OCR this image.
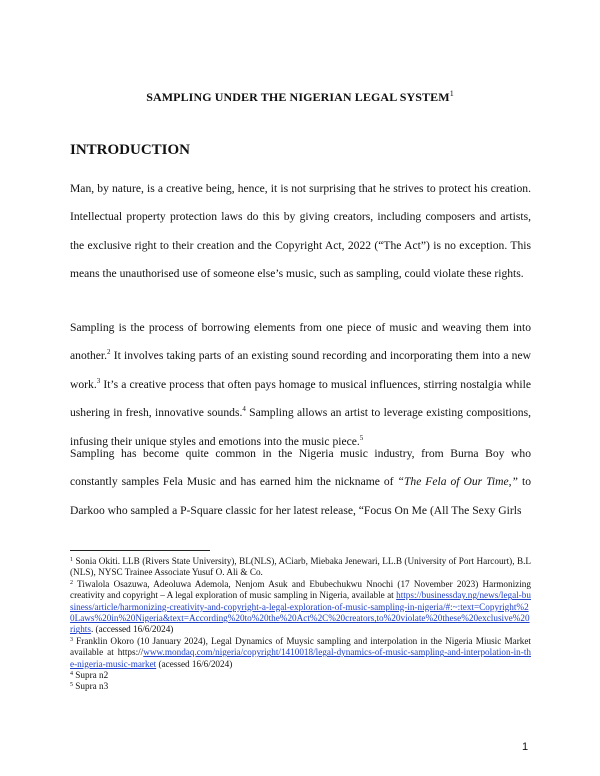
SAMPLING UNDER THE NIGERIAN LEGAL SYSTEM$^1$
INTRODUCTION

Man, by nature, is a creative being, hence, it is not surprising that he strives to protect his creation. Intellectual property protection laws do this by giving creators, including composers and artists, the exclusive right to their creation and the Copyright Act, 2022 (“The Act”) is no exception. This means the unauthorised use of someone else’s music, such as sampling, could violate these rights.

Sampling is the process of borrowing elements from one piece of music and weaving them into another.$^2$ It involves taking parts of an existing sound recording and incorporating them into a new work.$^3$ It’s a creative process that often pays homage to musical influences, stirring nostalgia while ushering in fresh, innovative sounds.$^4$ Sampling allows an artist to leverage existing compositions, infusing their unique styles and emotions into the music piece.$^5$

Sampling has become quite common in the Nigeria music industry, from Burna Boy who constantly samples Fela Music and has earned him the nickname of “The Fela of Our Time,” to Darkoo who sampled a P-Square classic for her latest release, “Focus On Me (All The Sexy Girls

$^1$ Sonia Okiti. LLB (Rivers State University), BL(NLS), ACiarb, Miebaka Jenewari, LL.B (University of Port Harcourt), B.L (NLS), NYSC Trainee Associate Yusuf O. Ali & Co.
$^2$ Tiwalola Osazuwa, Adeoluwa Ademola, Nenjom Asuk and Ebubechukwu Nnochi (17 November 2023) Harmonizing creativity and copyright – A legal exploration of music sampling in Nigeria, available at https://businessday.ng/news/legal-business/article/harmonizing-creativity-and-copyright-a-legal-exploration-of-music-sampling-in-nigeria/#:~:text=Copyright%20Laws%20in%20Nigeria&text=According%20to%20the%20Act%2C%20creators,to%20violate%20these%20exclusive%20rights. (accessed 16/6/2024)
$^3$ Franklin Okoro (10 January 2024), Legal Dynamics of Muysic sampling and interpolation in the Nigeria Miusic Market available at https://www.mondaq.com/nigeria/copyright/1410018/legal-dynamics-of-music-sampling-and-interpolation-in-the-nigeria-music-market (acessed 16/6/2024)
$^4$ Supra n2
$^5$ Supra n3
1
